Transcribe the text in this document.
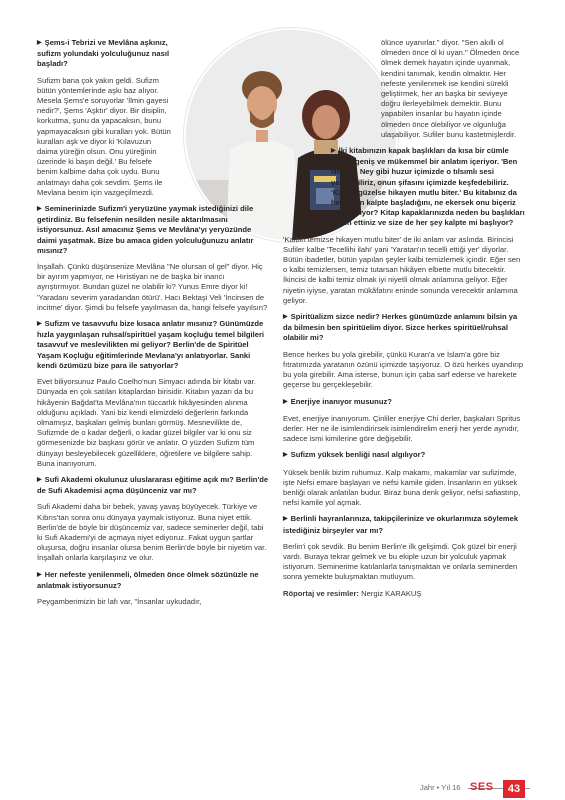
▶ Şems-i Tebrizi ve Mevlâna aşkınız, sufizm yolundaki yolculuğunuz nasıl başladı?

Sufizm bana çok yakın geldi. Sufizm bütün yöntemlerinde aşkı baz alıyor. Mesela Şems'e soruyorlar 'İlmin gayesi nedir?', Şems 'Aşktır' diyor. Bir disiplin, korkutma, şunu da yapacaksın, bunu yapmayacaksın gibi kuralları yok. Bütün kuralları aşk ve diyor ki 'Kılavuzun daima yüreğin olsun. Onu yüreğinin üzerinde ki başın değil.' Bu felsefe benim kalbime daha çok uydu. Bunu anlatmayı daha çok sevdim. Şems ile Mevlana benim için vazgeçilmezdi.

▶ Seminerinizde Sufizm'i yeryüzüne yaymak istediğinizi dile getirdiniz. Bu felsefenin nesilden nesile aktarılmasını istiyorsunuz. Asıl amacınız Şems ve Mevlâna'yı yeryüzünde daimi yaşatmak. Bize bu amaca giden yolculuğunuzu anlatır mısınız?

İnşallah. Çünkü düşünsenize Mevlâna "Ne olursan ol gel" diyor. Hiç bir ayırım yapmıyor, ne Hıristiyan ne de başka bir inancı ayrıştırmıyor. Bundan güzel ne olabilir ki? Yunus Emre diyor ki! 'Yaradanı severim yaradandan ötürü'. Hacı Bektaşi Veli 'İncinsen de incitme' diyor. Şimdi bu felsefe yayılmasın da, hangi felsefe yayılsın?

▶ Sufizm ve tasavvufu bize kısaca anlatır mısınız? Günümüzde hızla yaygınlaşan ruhsal/spiritüel yaşam koçluğu temel bilgileri tasavvuf ve meslevilikten mi geliyor? Berlin'de de Spiritüel Yaşam Koçluğu eğitimlerinde Mevlana'yı anlatıyorlar. Sanki kendi özümüzü bize para ile satıyorlar?

Evet biliyorsunuz Paulo Coelho'nun Simyacı adında bir kitabı var. Dünyada en çok satılan kitaplardan birisidir. Kitabın yazarı da bu hikâyenin Bağdat'ta Mevlâna'nın tüccarlık hikâyesinden alınma olduğunu açıkladı. Yani biz kendi elimizdeki değerlerin farkında olmamışız, başkaları gelmiş bunları görmüş. Mesnevilikte de, Sufizmde de o kadar değerli, o kadar güzel bilgiler var ki onu siz görmesenizde biz başkası görür ve anlatır. O yüzden Sufizm tüm dünyayı besleyebilecek güzelliklere, öğretilere ve bilgilere sahip. Buna inanıyorum.

▶ Sufi Akademi okulunuz uluslararası eğitime açık mı? Berlin'de de Sufi Akademisi açma düşünceniz var mı?

Sufi Akademi daha bir bebek, yavaş yavaş büyüyecek. Türkiye ve Kıbrıs'tan sonra onu dünyaya yaymak istiyoruz. Buna niyet ettik. Berlin'de de böyle bir düşüncemiz var, sadece seminerler değil, tabi ki Sufi Akademi'yi de açmaya niyet ediyoruz. Fakat uygun şartlar oluşursa, doğru insanlar olursa benim Berlin'de böyle bir niyetim var. İnşallah onlarla karşılaşırız ve olur.

▶ Her nefeste yenilenmeli, ölmeden önce ölmek sözünüzle ne anlatmak istiyorsunuz?

Peygamberimizin bir lafı var, "İnsanlar uykudadır,

ölünce uyanırlar." diyor. "Sen akıllı ol ölmeden önce öl ki uyan." Ölmeden önce ölmek demek hayatın içinde uyanmak, kendini tanımak, kendin olmaktır. Her nefeste yenilenmek ise kendini sürekli geliştirmek, her an başka bir seviyeye doğru ilerleyebilmek demektir. Bunu yapabilen insanlar bu hayatın içinde ölmeden önce ölebiliyor ve olgunluğa ulaşabiliyor. Sufiler bunu kastetmişlerdir.

▶ İki kitabınızın kapak başlıkları da kısa bir cümle içinde geniş ve mükemmel bir anlatım içeriyor. 'Ben Neyim', Ney gibi huzur içimizde o tılsımlı sesi yaratabiliriz, onun şifasını içimizde keşfedebiliriz. 'Kalbin güzelse hikayen mutlu biter.' Bu kitabınız da her şeyin kalpte başladığını, ne ekersek onu biçeriz mi anlatıyor? Kitap kapaklarınızda neden bu başlıkları tercih ettiniz ve size de her şey kalpte mi başlıyor?

'Kalbin temizse hikayen mutlu biter' de iki anlam var aslında. Birincisi Sufiler kalbe 'Tecellihi ilahi' yani 'Yaratan'ın tecelli ettiği yer' diyorlar. Bütün ibadetler, bütün yapılan şeyler kalbi temizlemek içindir. Eğer sen o kalbi temizlersen, temiz tutarsan hikâyen elbette mutlu bitecektir. İkincisi de kalbi temiz olmak iyi niyetli olmak anlamına geliyor. Eğer niyetin iyiyse, yaratan mükâfatını eninde sonunda verecektir anlamına geliyor.

▶ Spiritüalizm sizce nedir? Herkes günümüzde anlamını bilsin ya da bilmesin ben spiritüelim diyor. Sizce herkes spiritüel/ruhsal olabilir mi?

Bence herkes bu yola girebilir, çünkü Kuran'a ve İslam'a göre biz fıtratımızda yaratanın özünü içimizde taşıyoruz. O özü herkes uyandırıp bu yola girebilir. Ama isterse, bunun için çaba sarf ederse ve harekete geçerse bu gerçekleşebilir.

▶ Enerjiye inanıyor musunuz?

Evet, enerjiye inanıyorum. Çinliler enerjiye Chi derler, başkaları Spritus derler. Her ne ile isimlendirirsek isimlendirelim enerji her yerde aynıdır, sadece ismi kimilerine göre değişebilir.

▶ Sufizm yüksek benliği nasıl algılıyor?

Yüksek benlik bizim ruhumuz. Kalp makamı, makamlar var sufizimde, işte Nefsi emare başlayan ve nefsi kamile giden. İnsanların en yüksek benliği olarak anlatılan budur. Biraz buna denk geliyor, nefsi safiastırıp, nefsi kamile yol açmak.

▶ Berlinli hayranlarınıza, takipçilerinize ve okurlarımıza söylemek istediğiniz birşeyler var mı?

Berlin'i çok sevdik. Bu benim Berlin'e ilk gelişimdi. Çok güzel bir enerji vardı. Buraya tekrar gelmek ve bu ekiple uzun bir yolculuk yapmak istiyorum. Seminerime katılanlarla tanışmaktan ve onlarla seminerden sonra yemekte buluşmaktan mutluyum.

Röportaj ve resimler: Nergiz KARAKUŞ

Jahr • Yıl 16 SES	43
